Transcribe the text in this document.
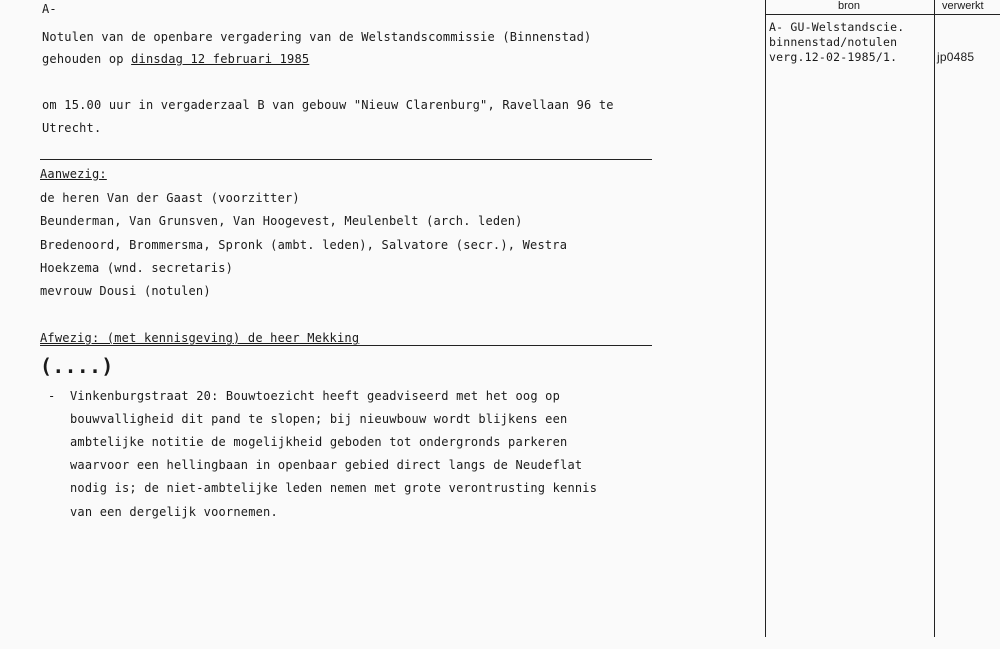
A-
Notulen van de openbare vergadering van de Welstandscommissie (Binnenstad)
gehouden op dinsdag 12 februari 1985
om 15.00 uur in vergaderzaal B van gebouw "Nieuw Clarenburg", Ravellaan 96 te
Utrecht.
Aanwezig:
de heren Van der Gaast (voorzitter)
Beunderman, Van Grunsven, Van Hoogevest, Meulenbelt (arch. leden)
Bredenoord, Brommersma, Spronk (ambt. leden), Salvatore (secr.), Westra
Hoekzema (wnd. secretaris)
mevrouw Dousi (notulen)
Afwezig: (met kennisgeving) de heer Mekking
(....)
- Vinkenburgstraat 20: Bouwtoezicht heeft geadviseerd met het oog op
bouwvalligheid dit pand te slopen; bij nieuwbouw wordt blijkens een
ambtelijke notitie de mogelijkheid geboden tot ondergronds parkeren
waarvoor een hellingbaan in openbaar gebied direct langs de Neudeflat
nodig is; de niet-ambtelijke leden nemen met grote verontrusting kennis
van een dergelijk voornemen.
bron	verwerkt
A- GU-Welstandscie.
binnenstad/notulen
verg.12-02-1985/1.	jp0485
